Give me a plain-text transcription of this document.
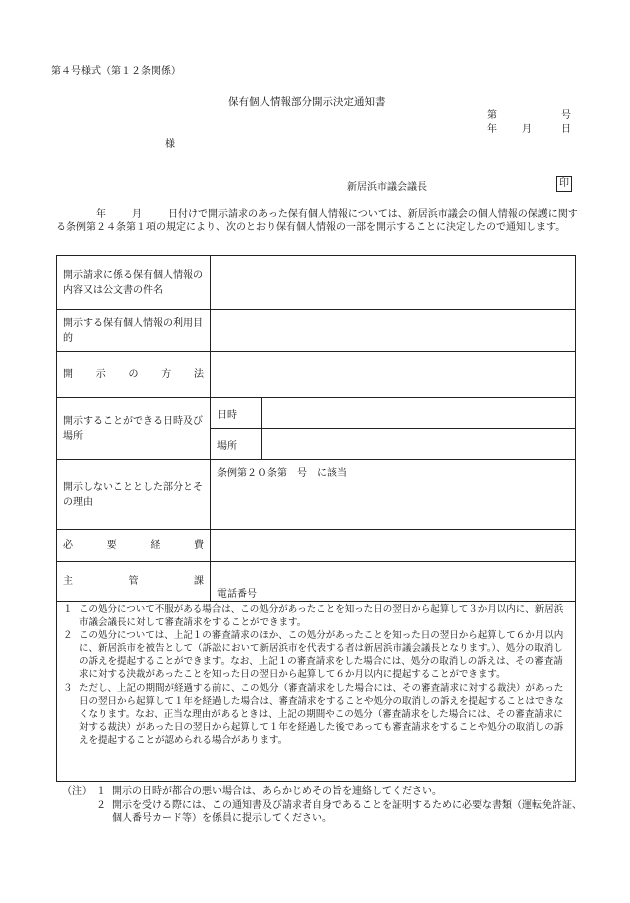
第４号様式（第１２条関係）
保有個人情報部分開示決定通知書
第	号
年	月	日
様
新居浜市議会議長	印
年	月	日付けで開示請求のあった保有個人情報については、新居浜市議会の個人情報の保護に関する条例第２４条第１項の規定により、次のとおり保有個人情報の一部を開示することに決定したので通知します。
開示請求に係る保有個人情報の内容又は公文書の件名		
開示する保有個人情報の利用目的		

開 示 の 方 法		

開示することができる日時及び場所	日時	
	場所	
開示しないこととした部分とその理由	条例第２０条第　号　に該当	

必 要 経 費		

主 管 課	電話番号	
１ この処分について不服がある場合は、この処分があったことを知った日の翌日から起算して３か月以内に、新居浜市議会議長に対して審査請求をすることができます。
２ この処分については、上記１の審査請求のほか、この処分があったことを知った日の翌日から起算して６か月以内に、新居浜市を被告として（訴訟において新居浜市を代表する者は新居浜市議会議長となります。）、処分の取消しの訴えを提起することができます。なお、上記１の審査請求をした場合には、処分の取消しの訴えは、その審査請求に対する決裁があったことを知った日の翌日から起算して６か月以内に提起することができます。
３ ただし、上記の期間が経過する前に、この処分（審査請求をした場合には、その審査請求に対する裁決）があった日の翌日から起算して１年を経過した場合は、審査請求をすることや処分の取消しの訴えを提起することはできなくなります。なお、正当な理由があるときは、上記の期間やこの処分（審査請求をした場合には、その審査請求に対する裁決）があった日の翌日から起算して１年を経過した後であっても審査請求をすることや処分の取消しの訴えを提起することが認められる場合があります。
（注） １ 開示の日時が都合の悪い場合は、あらかじめその旨を連絡してください。
２ 開示を受ける際には、この通知書及び請求者自身であることを証明するために必要な書類（運転免許証、個人番号カード等）を係員に提示してください。
